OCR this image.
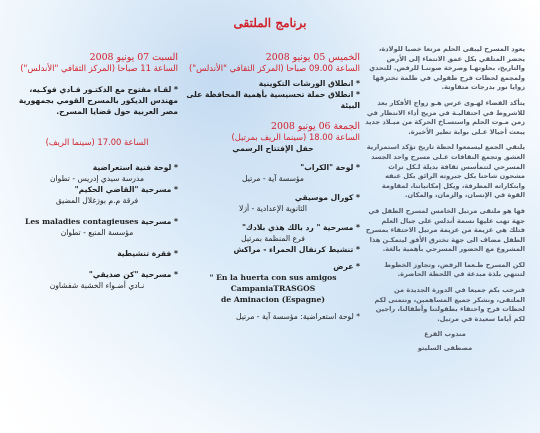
برنامج الملتقى

يعود المسرح ليبقى الحلم مرتعا خصبا للولادة، يحضر المتلقي بكل عمق الانتماء إلى الأرض والتاريخ، بحلوتهـا وصرخة صوتنـا للرفض. للتحدي ولمجمع لحظات فرح طفولي في ظلمة تخترقها زوايا نور بدرجات متفاوتة.

يتأكد الفضاء لهـوى عرس هـو زواج الأفكار بعد للاشروط في احتفاليـة في مزيج أداء الانتظار في زمن مـوت الحلم واستسـاخ الحركة من ميـلاد جديد يبعث أجيالا عـلى بوابة تطير الأخيرة.

يلتقي الجمع ليسمعوا لحظة تاريخ تؤكد استمرارية العشق وتجمع النقافات عـلى مسرح واحد الجسد المسرحي لتتمأسس ثقافة بديلة لـكل تراث مشحون شاحنا بكل جبروته الرائق بكل عنفه وابتكاراته المطرفة، ويكل إمكانياتنا، لمقاومة القوة في الإنسان، والزمان، والمكان.

فها هو ملتقى مرتيل الخامس لمسرح الطفل في جهة تهب عليها نسمة أندلس على جبال العلم فتلك هي عزيمة من عزيمة مرتيل الاحتفاء بمسرح الطفل مضاف الى جهة تخترق الأفق ليتمكـن هذا المشروع مع الحضور المسرحي بأهمية بالغة.

لكن المسرح طـعما الرفض، وتجاوز الخطوط لتنتهي بلذة مبدعة في اللحظة الحاضرة.

فنرحب بكم جميعا في الدورة الجديدة من الملتقى، ونشكر جميع المساهمين، ونتمنى لكم لحظات فرح واحتفاء بطفولتنا وأطفالنا، راجين لكم أياما سعيدة في مرتيل.

مندوب الفرع
مصطفى السليتو
الخميس 05 يونيو 2008
الساعة 09.00 صباحا (المركز الثقافي "الأندلس")
* انطلاق الورشات التكوينية
* انطلاق حملة تحسيسية بأهمية المحافظة على البيئة
الجمعة 06 يونيو 2008
الساعة 18.00 (سينما الريف بمرتيل)
حفل الإفتتاح الرسمي
* لوحة "الكراب"
مؤسسة آية - مرتيل
* كورال موسيقي
الثانوية الإعدادية - أزلا
* مسرحية " رد بالك هذي بلادك"
فرع المنظمة بمرتيل
* تنشيط كرنفال الحمراء - مراكش
* عرض
" En la huerta con sus amigos
CampaniaTRASGOS
de Aminacion (Espagne)
* لوحة استعراضية: مؤسسة آية - مرتيل
السبت 07 يونيو 2008
الساعة 11 صباحا (المركز الثقافي "الأندلس")
* لقـاء مفتوح مع الدكتـور فـادي فوكـيه، مهندس الديكور بالمسرح القومي بجمهورية مصر العربية حول قضايا المسرح.
الساعة 17.00 (سينما الريف)
* لوحة فنية استعراضية
مدرسة سيدي إدريس - تطوان
* مسرحية "القاضي الحكيم"
فرقة م.م بوزغلال المضيق
* مسرحية Les maladies contagieuses
مؤسسة المنبع - تطوان
* فقرة تنشيطية
* مسرحية "كن صديقي"
نـادي أضـواء الخشبة شفشاون
